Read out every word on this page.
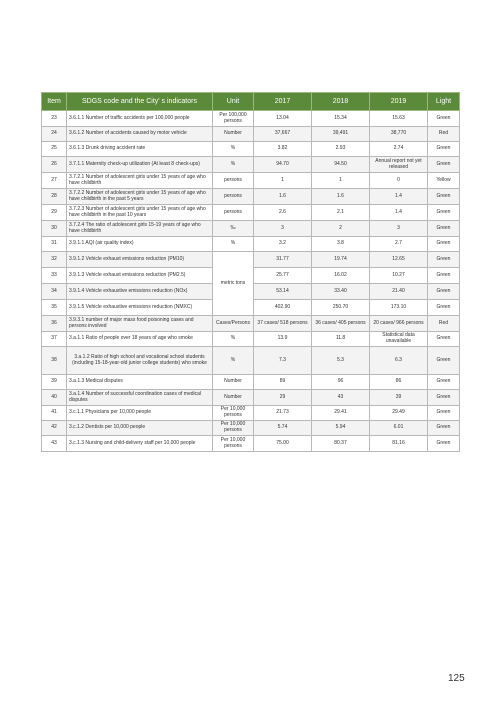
Item	SDGS code and the City' s indicators	Unit	2017	2018	2019	Light
23	3.6.1.1 Number of traffic accidents per 100,000 people	Per 100,000 persons	13.04	15.34	15.63	Green
24	3.6.1.2 Number of accidents caused by motor vehicle	Number	37,667	39,491	38,770	Red
25	3.6.1.3 Drunk driving accident rate	%	3.82	2.93	2.74	Green
26	3.7.1.1 Maternity check-up utilization (At least 8 check-ups)	%	94.70	94.50	Annual report not yet released	Green
27	3.7.2.1 Number of adolescent girls under 15 years of age who have childbirth	persons	1	1	0	Yellow
28	3.7.2.2 Number of adolescent girls under 15 years of age who have childbirth in the past 5 years	persons	1.6	1.6	1.4	Green
29	3.7.2.3 Number of adolescent girls under 15 years of age who have childbirth in the past 10 years	persons	2.6	2.1	1.4	Green
30	3.7.2.4 The ratio of adolescent girls 15-19 years of age who have childbirth	‰	3	2	3	Green
31	3.9.1.1 AQI (air quality index)	%	3.2	3.8	2.7	Green
32	3.9.1.2 Vehicle exhaust emissions reduction (PM10)	metric tons	31.77	19.74	12.65	Green
33	3.9.1.3 Vehicle exhaust emissions reduction (PM2.5)		25.77	16.02	10.27	Green
34	3.9.1.4 Vehicle exhaustive emissions reduction (NOx)		53.14	33.40	21.40	Green
35	3.9.1.5 Vehicle exhaustive emissions reduction (NMXC)		402.90	250.70	173.10	Green
36	3.9.3.1 number of major mass food poisoning cases and persons involved	Cases/Persons	37 cases/ 518 persons	36 cases/ 405 persons	20 cases/ 966 persons	Red
37	3.a.1.1 Ratio of people over 18 years of age who smoke	%	13.9	11.8	Statistical data unavailable	Green
38	3.a.1.2 Ratio of high school and vocational school students (including 15-18-year-old junior college students) who smoke	%	7.3	5.3	6.3	Green
39	3.a.1.3 Medical disputes	Number	89	96	86	Green
40	3.a.1.4 Number of successful coordination cases of medical disputes	Number	29	43	39	Green
41	3.c.1.1 Physicians per 10,000 people	Per 10,000 persons	21.73	29.41	29.49	Green
42	3.c.1.2 Dentists per 10,000 people	Per 10,000 persons	5.74	5.94	6.01	Green
43	3.c.1.3 Nursing and child-delivery staff per 10,000 people	Per 10,000 persons	75.00	80.37	81.16	Green
125
